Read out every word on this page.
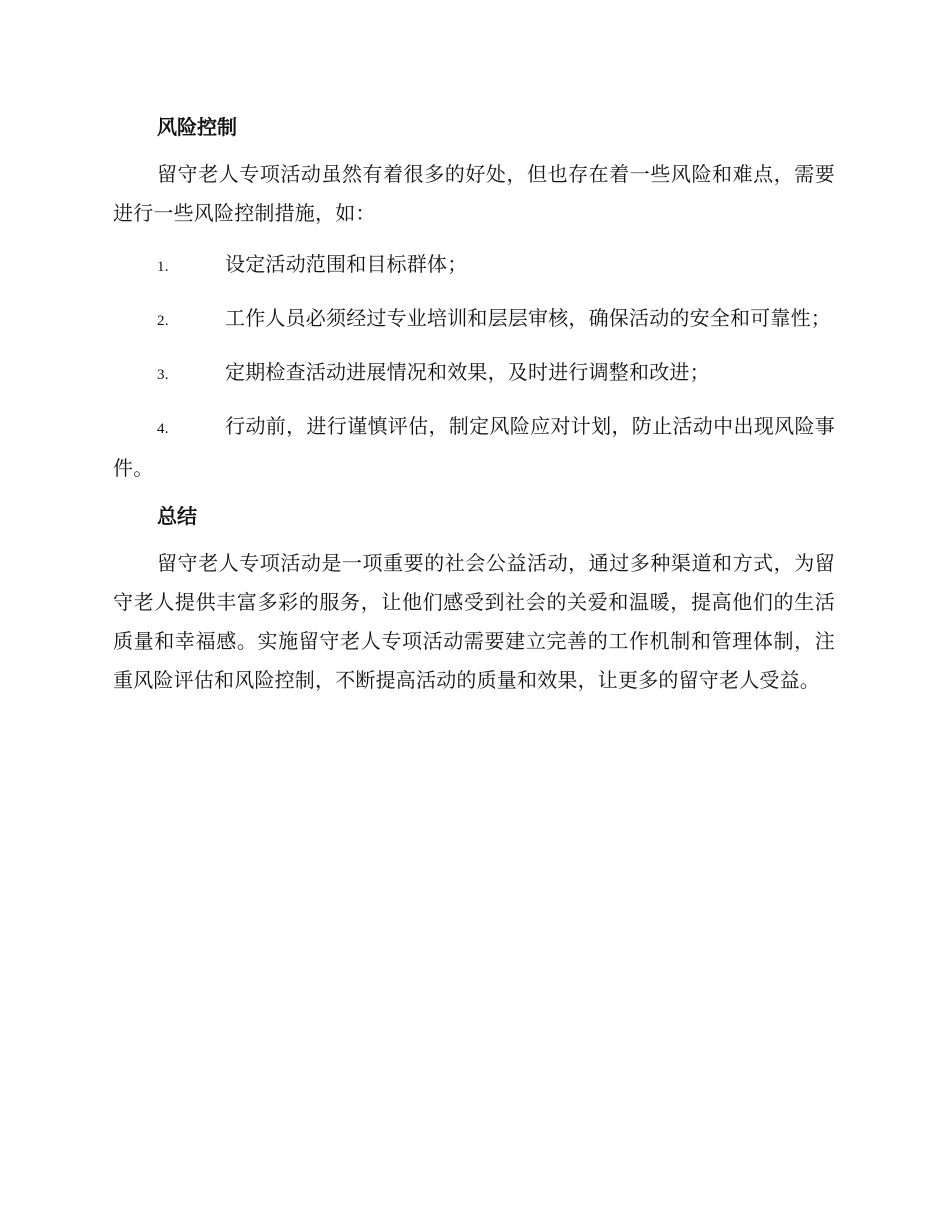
风险控制

留守老人专项活动虽然有着很多的好处，但也存在着一些风险和难点，需要进行一些风险控制措施，如：

1.	设定活动范围和目标群体；
2.	工作人员必须经过专业培训和层层审核，确保活动的安全和可靠性；
3.	定期检查活动进展情况和效果，及时进行调整和改进；
4.	行动前，进行谨慎评估，制定风险应对计划，防止活动中出现风险事件。
总结

留守老人专项活动是一项重要的社会公益活动，通过多种渠道和方式，为留守老人提供丰富多彩的服务，让他们感受到社会的关爱和温暖，提高他们的生活质量和幸福感。实施留守老人专项活动需要建立完善的工作机制和管理体制，注重风险评估和风险控制，不断提高活动的质量和效果，让更多的留守老人受益。
